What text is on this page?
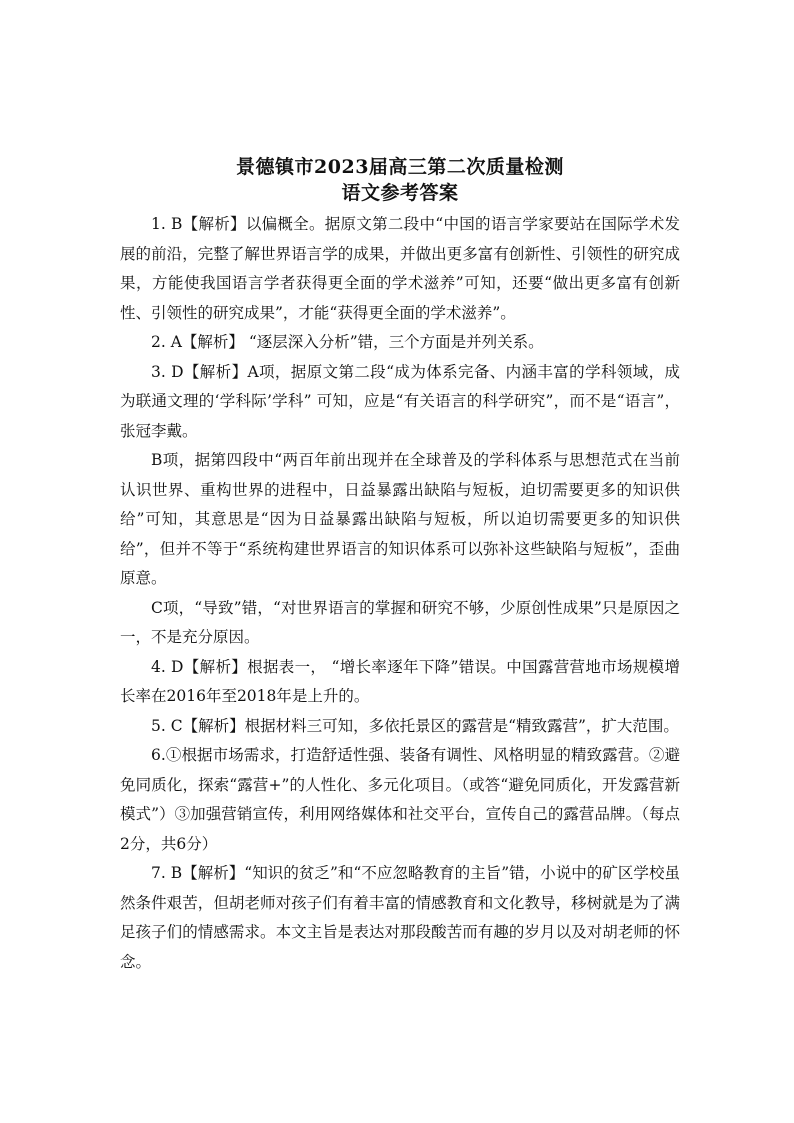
景德镇市2023届高三第二次质量检测
语文参考答案

1. B【解析】以偏概全。据原文第二段中“中国的语言学家要站在国际学术发展的前沿，完整了解世界语言学的成果，并做出更多富有创新性、引领性的研究成果，方能使我国语言学者获得更全面的学术滋养”可知，还要“做出更多富有创新性、引领性的研究成果”，才能“获得更全面的学术滋养”。

2. A【解析】 “逐层深入分析”错，三个方面是并列关系。

3. D【解析】A项，据原文第二段“成为体系完备、内涵丰富的学科领域，成为联通文理的‘学科际’学科” 可知，应是“有关语言的科学研究”，而不是“语言”，张冠李戴。

B项，据第四段中“两百年前出现并在全球普及的学科体系与思想范式在当前认识世界、重构世界的进程中，日益暴露出缺陷与短板，迫切需要更多的知识供给”可知，其意思是“因为日益暴露出缺陷与短板，所以迫切需要更多的知识供给”，但并不等于“系统构建世界语言的知识体系可以弥补这些缺陷与短板”，歪曲原意。

C项，“导致”错，“对世界语言的掌握和研究不够，少原创性成果”只是原因之一，不是充分原因。

4. D【解析】根据表一， “增长率逐年下降”错误。中国露营营地市场规模增长率在2016年至2018年是上升的。

5. C【解析】根据材料三可知，多依托景区的露营是“精致露营”，扩大范围。

6.①根据市场需求，打造舒适性强、装备有调性、风格明显的精致露营。②避免同质化，探索“露营+”的人性化、多元化项目。（或答“避免同质化，开发露营新模式”）③加强营销宣传，利用网络媒体和社交平台，宣传自己的露营品牌。（每点2分，共6分）

7. B【解析】“知识的贫乏”和“不应忽略教育的主旨”错，小说中的矿区学校虽然条件艰苦，但胡老师对孩子们有着丰富的情感教育和文化教导，移树就是为了满足孩子们的情感需求。本文主旨是表达对那段酸苦而有趣的岁月以及对胡老师的怀念。
